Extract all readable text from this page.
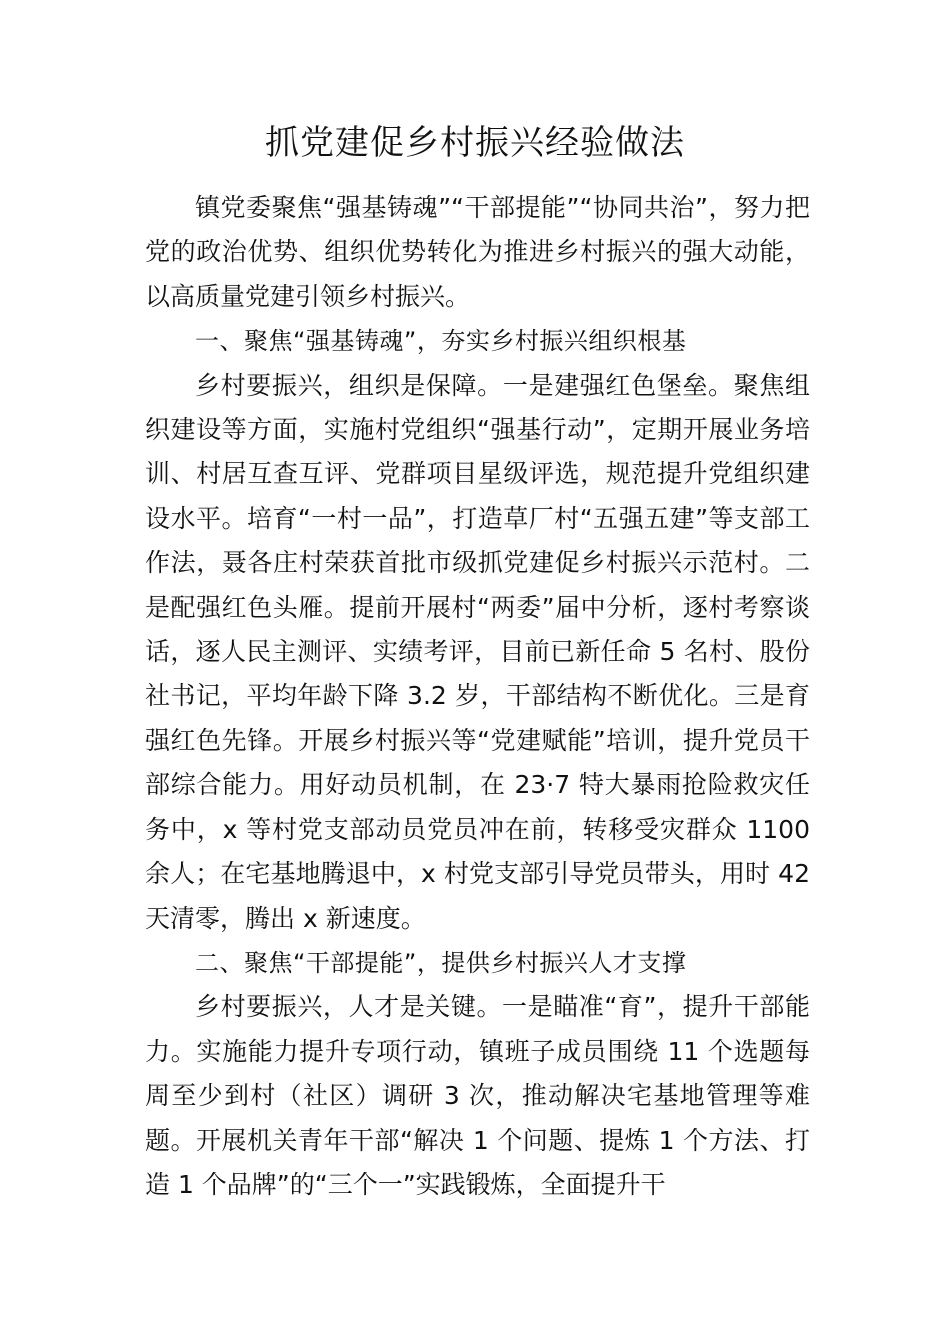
抓党建促乡村振兴经验做法

镇党委聚焦“强基铸魂”“干部提能”“协同共治”，努力把党的政治优势、组织优势转化为推进乡村振兴的强大动能，以高质量党建引领乡村振兴。

一、聚焦“强基铸魂”，夯实乡村振兴组织根基

乡村要振兴，组织是保障。一是建强红色堡垒。聚焦组织建设等方面，实施村党组织“强基行动”，定期开展业务培训、村居互查互评、党群项目星级评选，规范提升党组织建设水平。培育“一村一品”，打造草厂村“五强五建”等支部工作法，聂各庄村荣获首批市级抓党建促乡村振兴示范村。二是配强红色头雁。提前开展村“两委”届中分析，逐村考察谈话，逐人民主测评、实绩考评，目前已新任命 5 名村、股份社书记，平均年龄下降 3.2 岁，干部结构不断优化。三是育强红色先锋。开展乡村振兴等“党建赋能”培训，提升党员干部综合能力。用好动员机制，在 23·7 特大暴雨抢险救灾任务中，x 等村党支部动员党员冲在前，转移受灾群众 1100 余人；在宅基地腾退中，x 村党支部引导党员带头，用时 42 天清零，腾出 x 新速度。

二、聚焦“干部提能”，提供乡村振兴人才支撑

乡村要振兴，人才是关键。一是瞄准“育”，提升干部能力。实施能力提升专项行动，镇班子成员围绕 11 个选题每周至少到村（社区）调研 3 次，推动解决宅基地管理等难题。开展机关青年干部“解决 1 个问题、提炼 1 个方法、打造 1 个品牌”的“三个一”实践锻炼，全面提升干
